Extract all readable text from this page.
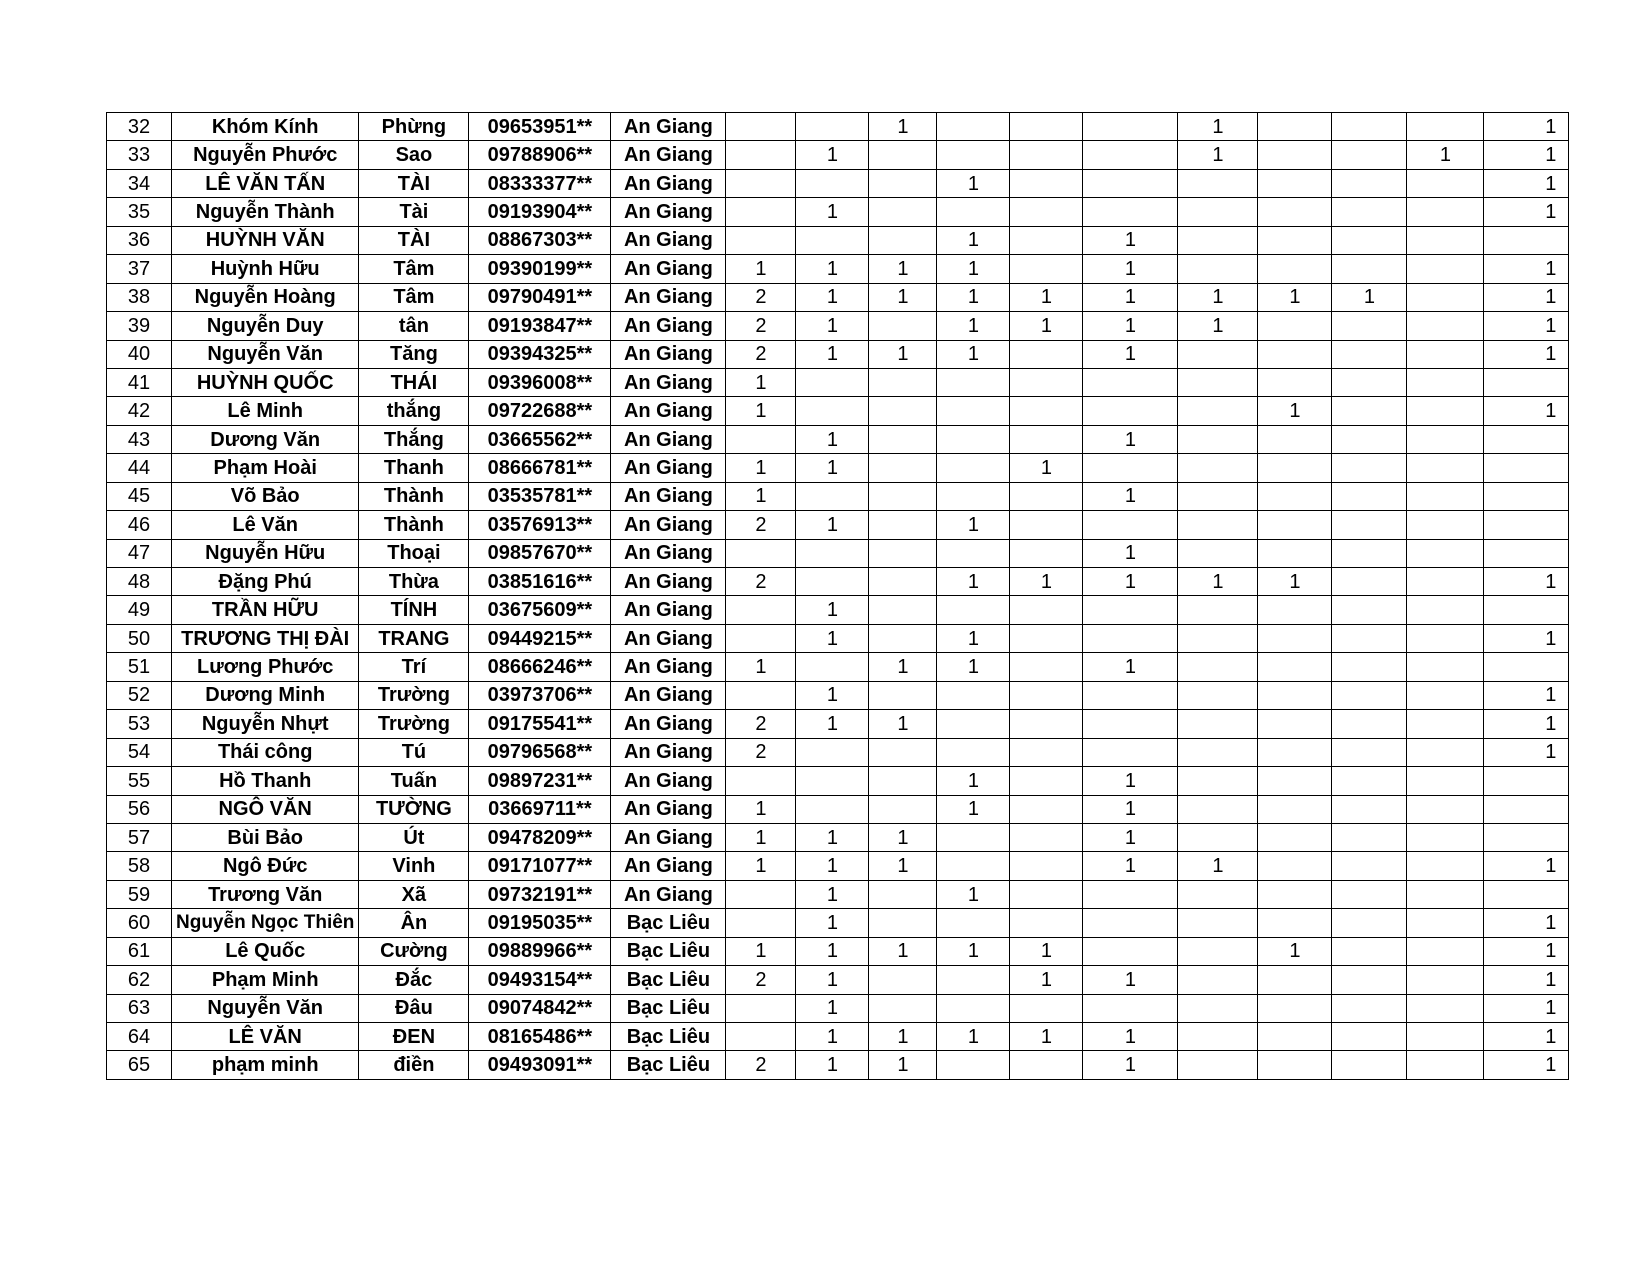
32	Khóm Kính	Phừng	09653951**	An Giang			1				1				1
33	Nguyễn Phước	Sao	09788906**	An Giang		1					1			1	1
34	LÊ VĂN TẤN	TÀI	08333377**	An Giang				1							1
35	Nguyễn Thành	Tài	09193904**	An Giang		1									1
36	HUỲNH VĂN	TÀI	08867303**	An Giang				1		1					
37	Huỳnh Hữu	Tâm	09390199**	An Giang	1	1	1	1		1					1
38	Nguyễn Hoàng	Tâm	09790491**	An Giang	2	1	1	1	1	1	1	1	1		1
39	Nguyễn Duy	tân	09193847**	An Giang	2	1		1	1	1	1				1
40	Nguyễn Văn	Tăng	09394325**	An Giang	2	1	1	1		1					1
41	HUỲNH QUỐC	THÁI	09396008**	An Giang	1										
42	Lê Minh	thắng	09722688**	An Giang	1							1			1
43	Dương Văn	Thắng	03665562**	An Giang		1				1					
44	Phạm Hoài	Thanh	08666781**	An Giang	1	1			1						
45	Võ Bảo	Thành	03535781**	An Giang	1					1					
46	Lê Văn	Thành	03576913**	An Giang	2	1		1							
47	Nguyễn Hữu	Thoại	09857670**	An Giang						1					
48	Đặng Phú	Thừa	03851616**	An Giang	2			1	1	1	1	1			1
49	TRẦN HỮU	TÍNH	03675609**	An Giang		1									
50	TRƯƠNG THỊ ĐÀI	TRANG	09449215**	An Giang		1		1							1
51	Lương Phước	Trí	08666246**	An Giang	1		1	1		1					
52	Dương Minh	Trường	03973706**	An Giang		1									1
53	Nguyễn Nhựt	Trường	09175541**	An Giang	2	1	1								1
54	Thái công	Tú	09796568**	An Giang	2										1
55	Hồ Thanh	Tuấn	09897231**	An Giang				1		1					
56	NGÔ VĂN	TƯỜNG	03669711**	An Giang	1			1		1					
57	Bùi Bảo	Út	09478209**	An Giang	1	1	1			1					
58	Ngô Đức	Vinh	09171077**	An Giang	1	1	1			1	1				1
59	Trương Văn	Xã	09732191**	An Giang		1		1							
60	Nguyễn Ngọc Thiên	Ân	09195035**	Bạc Liêu		1									1
61	Lê Quốc	Cường	09889966**	Bạc Liêu	1	1	1	1	1			1			1
62	Phạm Minh	Đắc	09493154**	Bạc Liêu	2	1			1	1					1
63	Nguyễn Văn	Đâu	09074842**	Bạc Liêu		1									1
64	LÊ VĂN	ĐEN	08165486**	Bạc Liêu		1	1	1	1	1					1
65	phạm minh	điền	09493091**	Bạc Liêu	2	1	1			1					1
